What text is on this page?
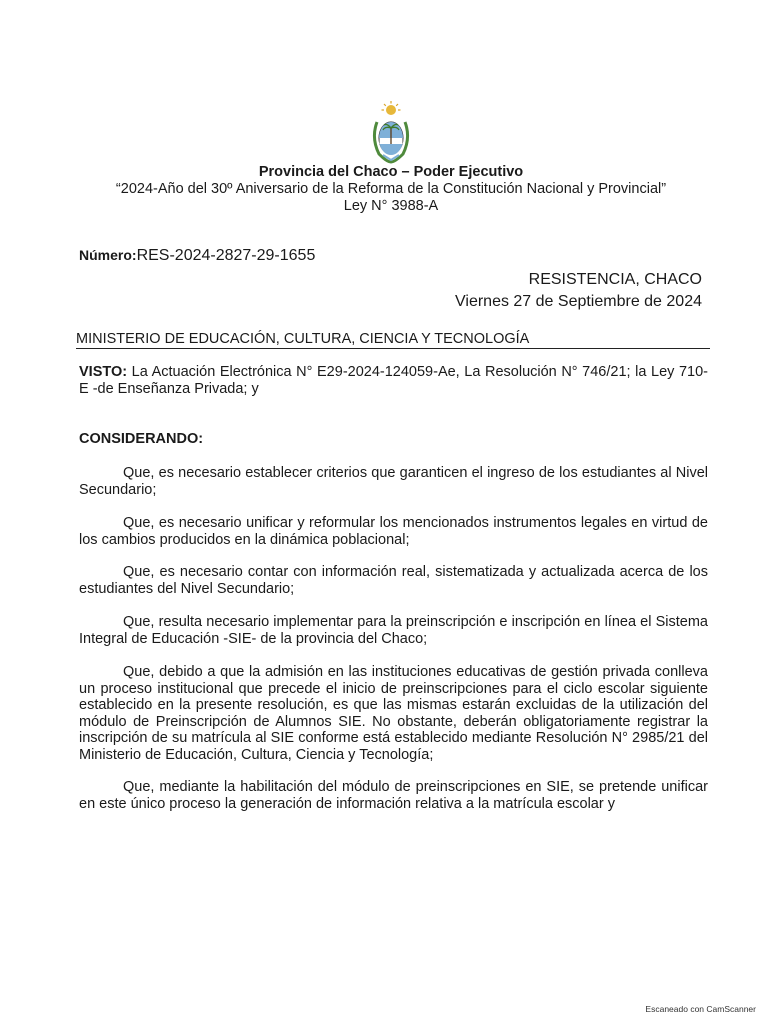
Provincia del Chaco – Poder Ejecutivo
“2024-Año del 30º Aniversario de la Reforma de la Constitución Nacional y Provincial”
Ley N° 3988-A
Número:RES-2024-2827-29-1655
RESISTENCIA, CHACO
Viernes 27 de Septiembre de 2024
MINISTERIO DE EDUCACIÓN, CULTURA, CIENCIA Y TECNOLOGÍA
VISTO: La Actuación Electrónica N° E29-2024-124059-Ae, La Resolución N° 746/21; la Ley 710-E -de Enseñanza Privada; y
CONSIDERANDO:
Que, es necesario establecer criterios que garanticen el ingreso de los estudiantes al Nivel Secundario;
Que, es necesario unificar y reformular los mencionados instrumentos legales en virtud de los cambios producidos en la dinámica poblacional;
Que, es necesario contar con información real, sistematizada y actualizada acerca de los estudiantes del Nivel Secundario;
Que, resulta necesario implementar para la preinscripción e inscripción en línea el Sistema Integral de Educación -SIE- de la provincia del Chaco;
Que, debido a que la admisión en las instituciones educativas de gestión privada conlleva un proceso institucional que precede el inicio de preinscripciones para el ciclo escolar siguiente establecido en la presente resolución, es que las mismas estarán excluidas de la utilización del módulo de Preinscripción de Alumnos SIE. No obstante, deberán obligatoriamente registrar la inscripción de su matrícula al SIE conforme está establecido mediante Resolución N° 2985/21 del Ministerio de Educación, Cultura, Ciencia y Tecnología;
Que, mediante la habilitación del módulo de preinscripciones en SIE, se pretende unificar en este único proceso la generación de información relativa a la matrícula escolar y
Escaneado con CamScanner
